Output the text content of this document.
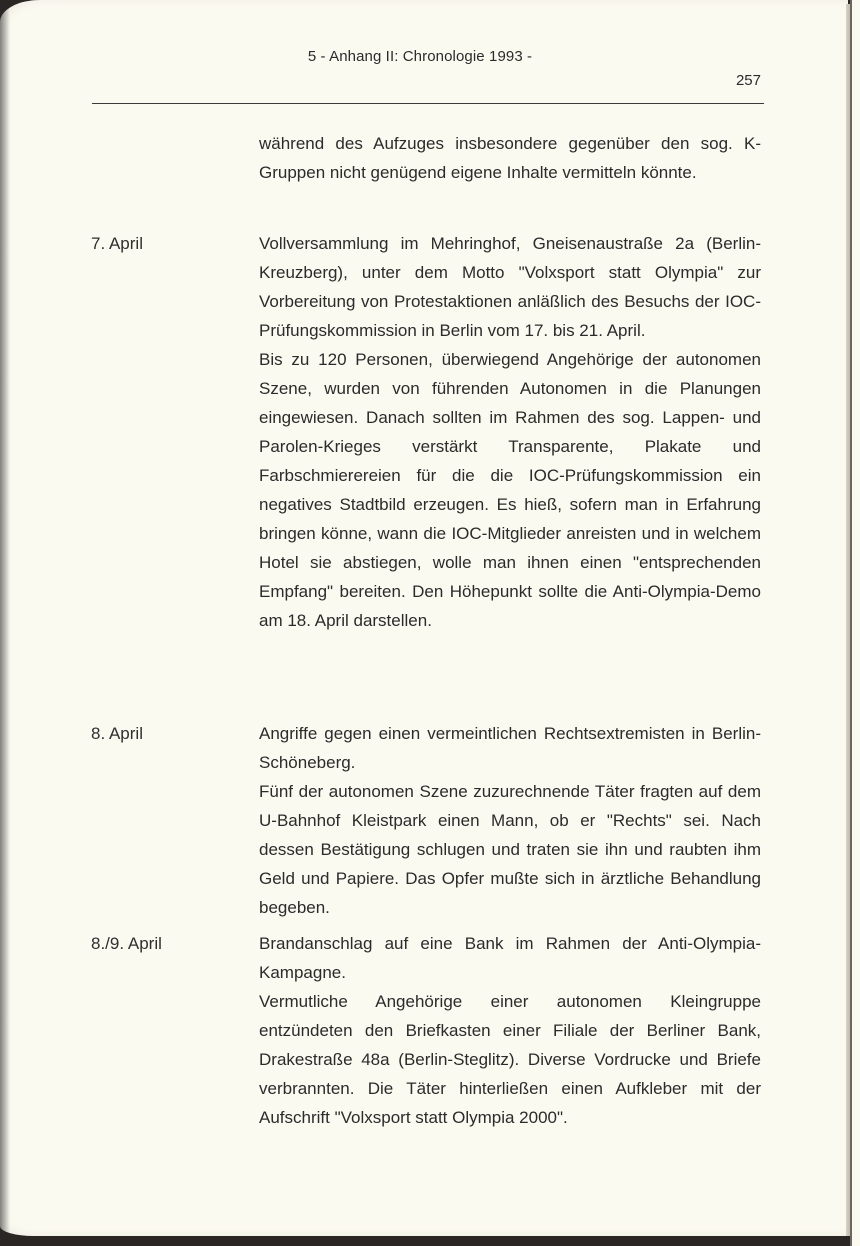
5 - Anhang II: Chronologie 1993 -
257

während des Aufzuges insbesondere gegenüber den sog. K-Gruppen nicht genügend eigene Inhalte vermitteln könnte.

7. April	Vollversammlung im Mehringhof, Gneisenaustraße 2a (Berlin-Kreuzberg), unter dem Motto "Volxsport statt Olympia" zur Vorbereitung von Protestaktionen anläßlich des Besuchs der IOC-Prüfungskommission in Berlin vom 17. bis 21. April.

Bis zu 120 Personen, überwiegend Angehörige der autonomen Szene, wurden von führenden Autonomen in die Planungen eingewiesen. Danach sollten im Rahmen des sog. Lappen- und Parolen-Krieges verstärkt Transparente, Plakate und Farbschmierereien für die die IOC-Prüfungskommission ein negatives Stadtbild erzeugen. Es hieß, sofern man in Erfahrung bringen könne, wann die IOC-Mitglieder anreisten und in welchem Hotel sie abstiegen, wolle man ihnen einen "entsprechenden Empfang" bereiten. Den Höhepunkt sollte die Anti-Olympia-Demo am 18. April darstellen.

8. April	Angriffe gegen einen vermeintlichen Rechtsextremisten in Berlin-Schöneberg.

Fünf der autonomen Szene zuzurechnende Täter fragten auf dem U-Bahnhof Kleistpark einen Mann, ob er "Rechts" sei. Nach dessen Bestätigung schlugen und traten sie ihn und raubten ihm Geld und Papiere. Das Opfer mußte sich in ärztliche Behandlung begeben.

8./9. April	Brandanschlag auf eine Bank im Rahmen der Anti-Olympia-Kampagne.

Vermutliche Angehörige einer autonomen Kleingruppe entzündeten den Briefkasten einer Filiale der Berliner Bank, Drakestraße 48a (Berlin-Steglitz). Diverse Vordrucke und Briefe verbrannten. Die Täter hinterließen einen Aufkleber mit der Aufschrift "Volxsport statt Olympia 2000".
